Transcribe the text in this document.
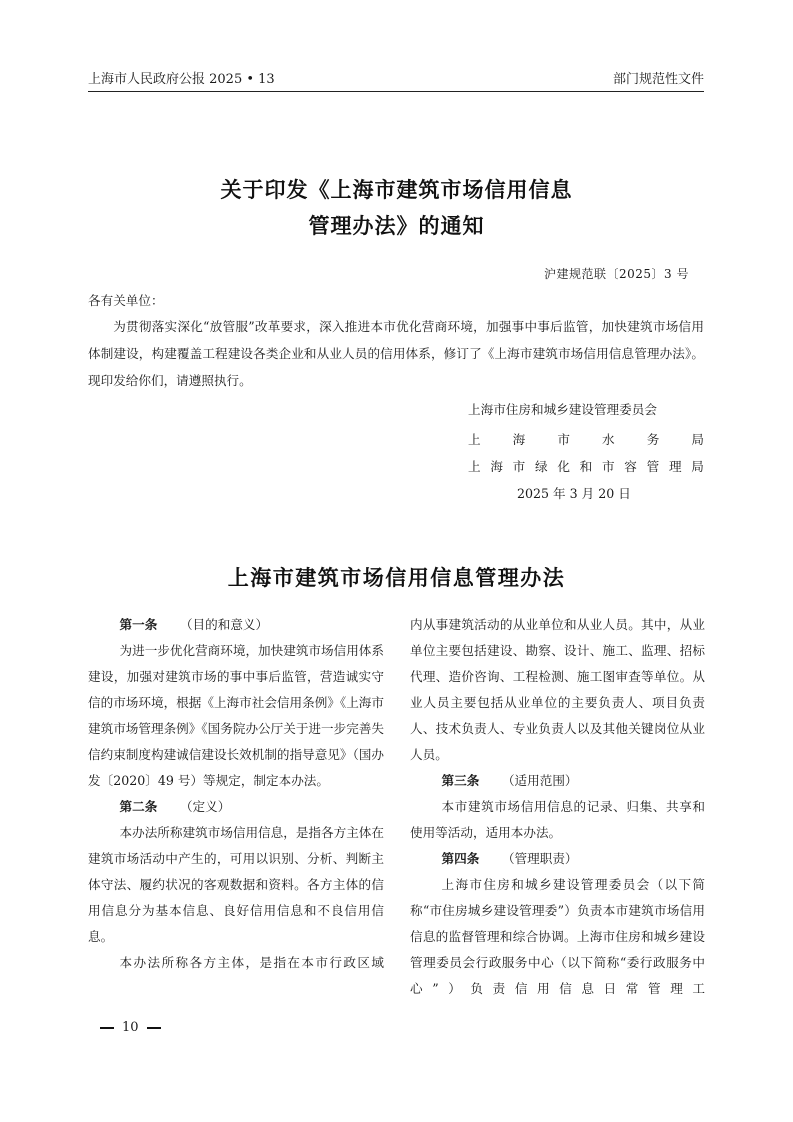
上海市人民政府公报 2025 • 13	部门规范性文件
关于印发《上海市建筑市场信用信息
管理办法》的通知
沪建规范联〔2025〕3 号
各有关单位：

为贯彻落实深化“放管服”改革要求，深入推进本市优化营商环境，加强事中事后监管，加快建筑市场信用体制建设，构建覆盖工程建设各类企业和从业人员的信用体系，修订了《上海市建筑市场信用信息管理办法》。现印发给你们，请遵照执行。

上海市住房和城乡建设管理委员会
上	海	市	水	务	局
上 海 市 绿 化 和 市 容 管 理 局
2025 年 3 月 20 日
上海市建筑市场信用信息管理办法

第一条 （目的和意义）

为进一步优化营商环境，加快建筑市场信用体系建设，加强对建筑市场的事中事后监管，营造诚实守信的市场环境，根据《上海市社会信用条例》《上海市建筑市场管理条例》《国务院办公厅关于进一步完善失信约束制度构建诚信建设长效机制的指导意见》（国办发〔2020〕49 号）等规定，制定本办法。

第二条 （定义）

本办法所称建筑市场信用信息，是指各方主体在建筑市场活动中产生的，可用以识别、分析、判断主体守法、履约状况的客观数据和资料。各方主体的信用信息分为基本信息、良好信用信息和不良信用信息。

本办法所称各方主体，是指在本市行政区域

内从事建筑活动的从业单位和从业人员。其中，从业单位主要包括建设、勘察、设计、施工、监理、招标代理、造价咨询、工程检测、施工图审查等单位。从业人员主要包括从业单位的主要负责人、项目负责人、技术负责人、专业负责人以及其他关键岗位从业人员。

第三条 （适用范围）

本市建筑市场信用信息的记录、归集、共享和使用等活动，适用本办法。

第四条 （管理职责）

上海市住房和城乡建设管理委员会（以下简称“市住房城乡建设管理委”）负责本市建筑市场信用信息的监督管理和综合协调。上海市住房和城乡建设管理委员会行政服务中心（以下简称“委行政服务中心”）负责信用信息日常管理工

10
